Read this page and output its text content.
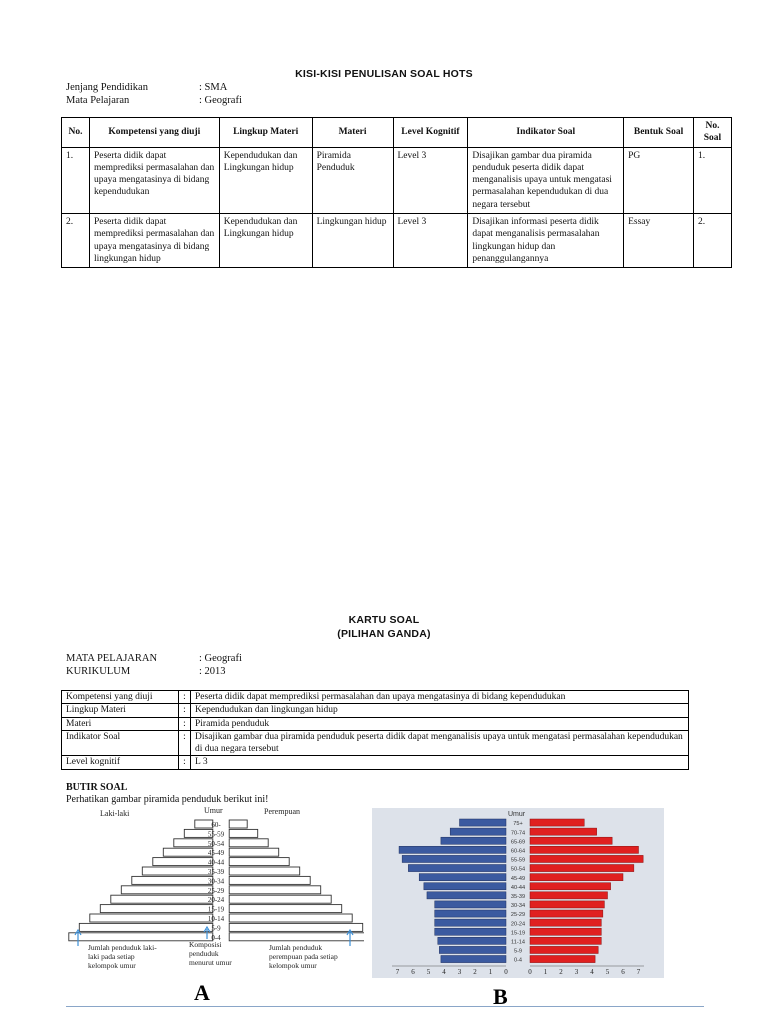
KISI-KISI PENULISAN SOAL HOTS
Jenjang Pendidikan	: SMA
Mata Pelajaran	: Geografi
No.	Kompetensi yang diuji	Lingkup Materi	Materi	Level Kognitif	Indikator Soal	Bentuk Soal	No. Soal
1.	Peserta didik dapat memprediksi permasalahan dan upaya mengatasinya di bidang kependudukan	Kependudukan dan Lingkungan hidup	Piramida Penduduk	Level 3	Disajikan gambar dua piramida penduduk peserta didik dapat menganalisis upaya untuk mengatasi permasalahan kependudukan di dua negara tersebut	PG	1.
2.	Peserta didik dapat memprediksi permasalahan dan upaya mengatasinya di bidang lingkungan hidup	Kependudukan dan Lingkungan hidup	Lingkungan hidup	Level 3	Disajikan informasi peserta didik dapat menganalisis permasalahan lingkungan hidup dan penanggulangannya	Essay	2.
KARTU SOAL
(PILIHAN GANDA)
MATA PELAJARAN	: Geografi
KURIKULUM	: 2013
Kompetensi yang diuji	:	Peserta didik dapat memprediksi permasalahan dan upaya mengatasinya di bidang kependudukan
Lingkup Materi	:	Kependudukan dan lingkungan hidup
Materi	:	Piramida penduduk
Indikator Soal	:	Disajikan gambar dua piramida penduduk peserta didik dapat menganalisis upaya untuk mengatasi permasalahan kependudukan di dua negara tersebut
Level kognitif	:	L 3
BUTIR SOAL
Perhatikan gambar piramida penduduk berikut ini!
60-
55-59
50-54
45-49
40-44
35-39
30-34
25-29
20-24
15-19
10-14
5-9
0-4
Laki-laki	Umur	Perempuan
Jumlah penduduk laki-
laki pada setiap
kelompok umur
Komposisi
penduduk
menurut umur
Jumlah penduduk
perempuan pada setiap
kelompok umur
A
Umur
75+
70-74
65-69
60-64
55-59
50-54
45-49
40-44
35-39
30-34
25-29
20-24
15-19
11-14
5-9
0-4
7 6 5 4 3 2 1 0	0 1 2 3 4 5 6 7
B
